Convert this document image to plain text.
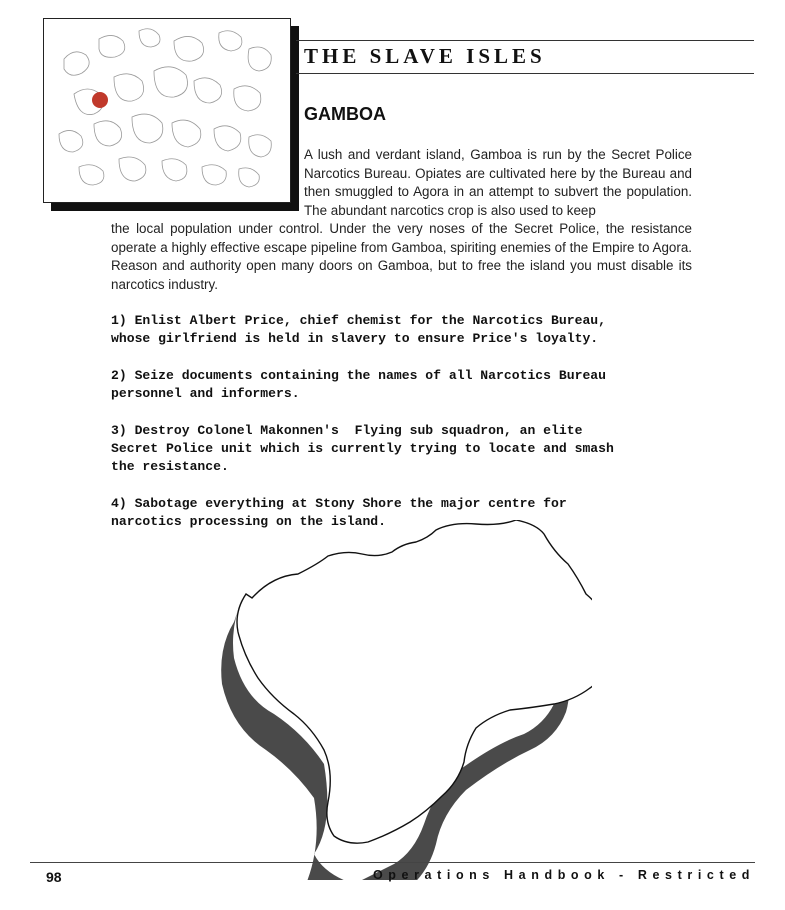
THE SLAVE ISLES
GAMBOA

A lush and verdant island, Gamboa is run by the Secret Police Narcotics Bureau. Opiates are cultivated here by the Bureau and then smuggled to Agora in an attempt to subvert the population. The abundant narcotics crop is also used to keep

the local population under control. Under the very noses of the Secret Police, the resistance operate a highly effective escape pipeline from Gamboa, spiriting enemies of the Empire to Agora. Reason and authority open many doors on Gamboa, but to free the island you must disable its narcotics industry.

1) Enlist Albert Price, chief chemist for the Narcotics Bureau,
whose girlfriend is held in slavery to ensure Price's loyalty.
2) Seize documents containing the names of all Narcotics Bureau
personnel and informers.
3) Destroy Colonel Makonnen's  Flying sub squadron, an elite
Secret Police unit which is currently trying to locate and smash
the resistance.
4) Sabotage everything at Stony Shore the major centre for
narcotics processing on the island.
98	Operations Handbook - Restricted
